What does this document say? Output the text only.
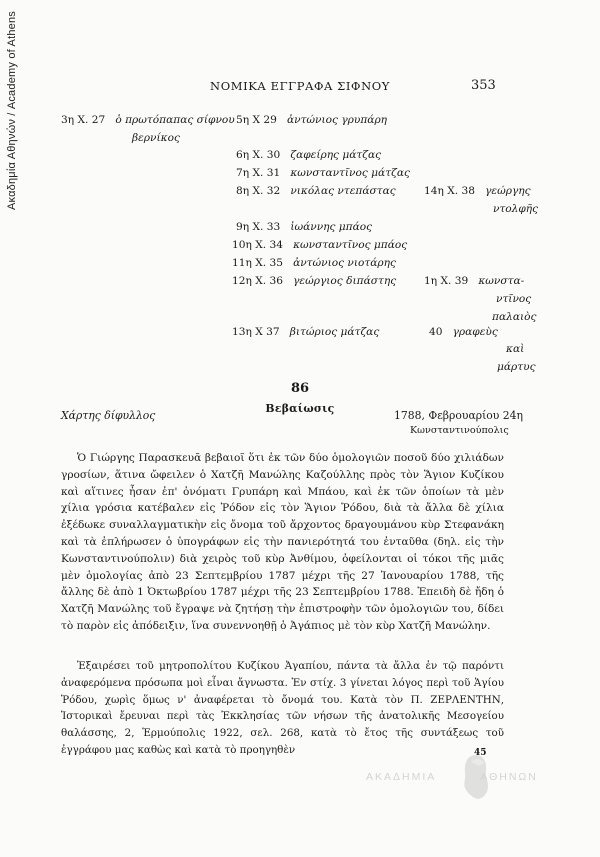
Ακαδημία Αθηνών / Academy of Athens	ΝΟΜΙΚΑ ΕΓΓΡΑΦΑ ΣΙΦΝΟΥ	353
3η Χ. 27 ὁ πρωτόπαπας σίφνου
βερνίκος
5η Χ 29 ἀντώνιος γρυπάρη
6η Χ. 30 ζαφείρης μάτζας
7η Χ. 31 κωνσταντῖνος μάτζας
8η Χ. 32 νικόλας ντεπάστας	14η Χ. 38 γεώργης
ντολφῆς
9η Χ. 33 ἰωάννης μπάος
10η Χ. 34 κωνσταντῖνος μπάος
11η Χ. 35 ἀντώνιος νιοτάρης
12η Χ. 36 γεώργιος διπάστης	1η Χ. 39 κωνστα-
ντῖνος
παλαιὸς
13η Χ 37 βιτώριος μάτζας	40 γραφεὺς
καὶ
μάρτυς
86
Βεβαίωσις
Χάρτης δίφυλλος	1788, Φεβρουαρίου 24η
Κωνσταντινούπολις

Ὁ Γιώργης Παρασκευᾶ βεβαιοῖ ὅτι ἐκ τῶν δύο ὁμολογιῶν ποσοῦ δύο χιλιάδων γροσίων, ἅτινα ὤφειλεν ὁ Χατζῆ Μανώλης Καζούλλης πρὸς τὸν Ἅγιον Κυζίκου καὶ αἵτινες ἦσαν ἐπ' ὀνόματι Γρυπάρη καὶ Μπάου, καὶ ἐκ τῶν ὁποίων τὰ μὲν χίλια γρόσια κατέβαλεν εἰς Ῥόδον εἰς τὸν Ἅγιον Ῥόδου, διὰ τὰ ἄλλα δὲ χίλια ἐξέδωκε συναλλαγματικὴν εἰς ὄνομα τοῦ ἄρχοντος δραγουμάνου κὺρ Στεφανάκη καὶ τὰ ἐπλήρωσεν ὁ ὑπογράφων εἰς τὴν πανιερότητά του ἐνταῦθα (δηλ. εἰς τὴν Κωνσταντινούπολιν) διὰ χειρὸς τοῦ κὺρ Ἀνθίμου, ὀφείλονται οἱ τόκοι τῆς μιᾶς μὲν ὁμολογίας ἀπὸ 23 Σεπτεμβρίου 1787 μέχρι τῆς 27 Ἰανουαρίου 1788, τῆς ἄλλης δὲ ἀπὸ 1 Ὀκτωβρίου 1787 μέχρι τῆς 23 Σεπτεμβρίου 1788. Ἐπειδὴ δὲ ἤδη ὁ Χατζῆ Μανώλης τοῦ ἔγραψε νὰ ζητήσῃ τὴν ἐπιστροφὴν τῶν ὁμολογιῶν του, δίδει τὸ παρὸν εἰς ἀπόδειξιν, ἵνα συνεννοηθῇ ὁ Ἀγάπιος μὲ τὸν κὺρ Χατζῆ Μανώλην.

Ἐξαιρέσει τοῦ μητροπολίτου Κυζίκου Ἀγαπίου, πάντα τὰ ἄλλα ἐν τῷ παρόντι ἀναφερόμενα πρόσωπα μοὶ εἶναι ἄγνωστα. Ἐν στίχ. 3 γίνεται λόγος περὶ τοῦ Ἁγίου Ῥόδου, χωρὶς ὅμως ν' ἀναφέρεται τὸ ὄνομά του. Κατὰ τὸν Π. ΖΕΡΛΕΝΤΗΝ, Ἱστορικαὶ ἔρευναι περὶ τὰς Ἐκκλησίας τῶν νήσων τῆς ἀνατολικῆς Μεσογείου θαλάσσης, 2, Ἑρμούπολις 1922, σελ. 268, κατὰ τὸ ἔτος τῆς συντάξεως τοῦ ἐγγράφου μας καθὼς καὶ κατὰ τὸ προηγηθὲν	45
ΑΚΑΔΗΜΙΑ	ΑΘΗΝΩΝ
